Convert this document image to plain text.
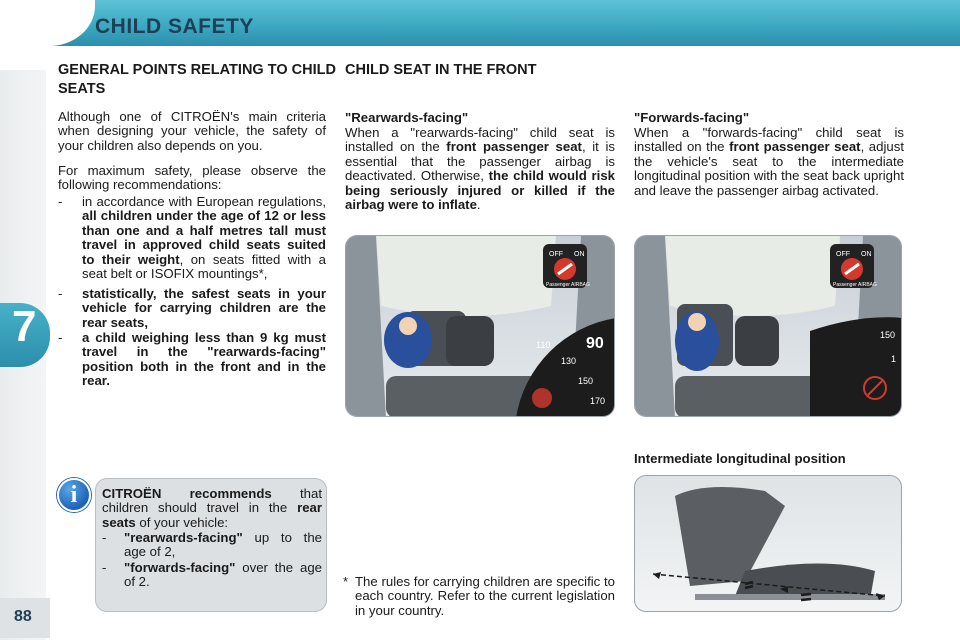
CHILD SAFETY
7
88
GENERAL POINTS RELATING TO CHILD SEATS
Although one of CITROËN's main criteria when designing your vehicle, the safety of your children also depends on you.
For maximum safety, please observe the following recommendations:
- in accordance with European regulations, all children under the age of 12 or less than one and a half metres tall must travel in approved child seats suited to their weight, on seats fitted with a seat belt or ISOFIX mountings*,
- statistically, the safest seats in your vehicle for carrying children are the rear seats,
- a child weighing less than 9 kg must travel in the "rearwards-facing" position both in the front and in the rear.
CITROËN recommends that children should travel in the rear seats of your vehicle:
- "rearwards-facing" up to the age of 2,
- "forwards-facing" over the age of 2.
i
CHILD SEAT IN THE FRONT
"Rearwards-facing"
When a "rearwards-facing" child seat is installed on the front passenger seat, it is essential that the passenger airbag is deactivated. Otherwise, the child would risk being seriously injured or killed if the airbag were to inflate.
"Forwards-facing"
When a "forwards-facing" child seat is installed on the front passenger seat, adjust the vehicle's seat to the intermediate longitudinal position with the seat back upright and leave the passenger airbag activated.
OFF ON
Passenger AIRBAG
110
130
150
170
90
OFF ON
Passenger AIRBAG
150
1
Intermediate longitudinal position
* The rules for carrying children are specific to each country. Refer to the current legislation in your country.
